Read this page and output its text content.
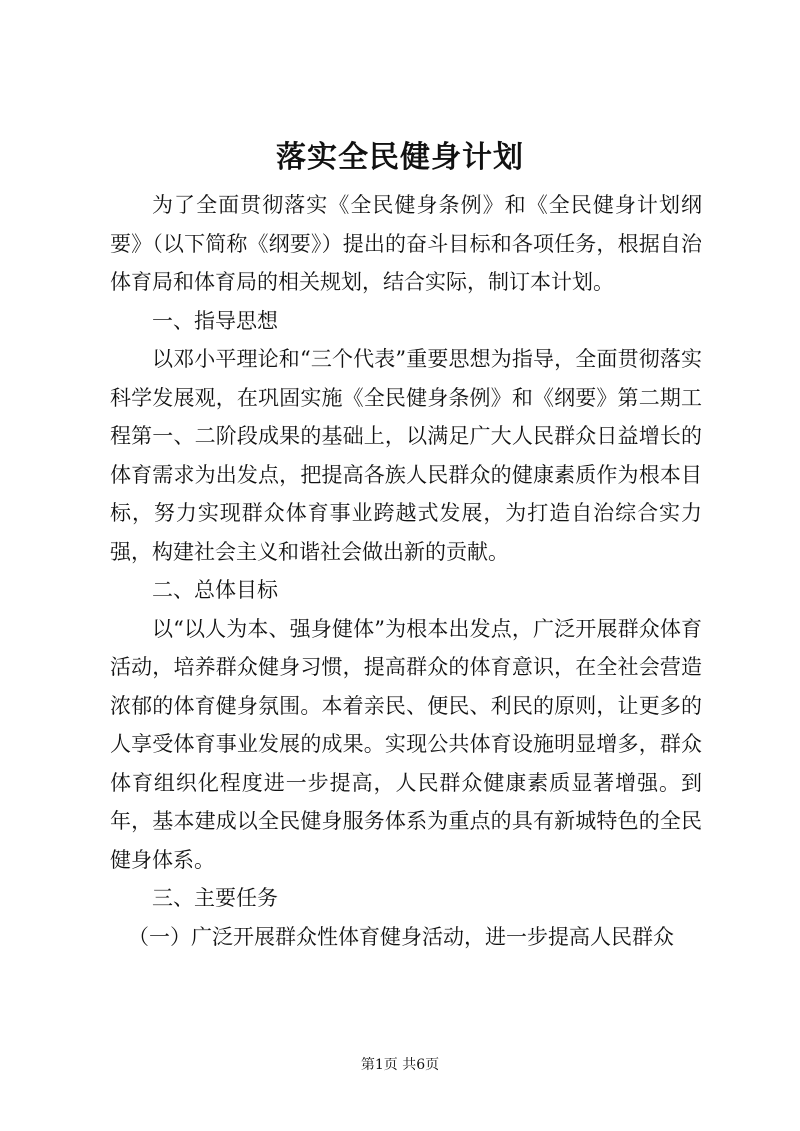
落实全民健身计划

为了全面贯彻落实《全民健身条例》和《全民健身计划纲要》（以下简称《纲要》）提出的奋斗目标和各项任务，根据自治体育局和体育局的相关规划，结合实际，制订本计划。

一、指导思想

以邓小平理论和“三个代表”重要思想为指导，全面贯彻落实科学发展观，在巩固实施《全民健身条例》和《纲要》第二期工程第一、二阶段成果的基础上，以满足广大人民群众日益增长的体育需求为出发点，把提高各族人民群众的健康素质作为根本目标，努力实现群众体育事业跨越式发展，为打造自治综合实力强，构建社会主义和谐社会做出新的贡献。

二、总体目标

以“以人为本、强身健体”为根本出发点，广泛开展群众体育活动，培养群众健身习惯，提高群众的体育意识，在全社会营造浓郁的体育健身氛围。本着亲民、便民、利民的原则，让更多的人享受体育事业发展的成果。实现公共体育设施明显增多，群众体育组织化程度进一步提高，人民群众健康素质显著增强。到年，基本建成以全民健身服务体系为重点的具有新城特色的全民健身体系。

三、主要任务

（一）广泛开展群众性体育健身活动，进一步提高人民群众

第1页 共6页
